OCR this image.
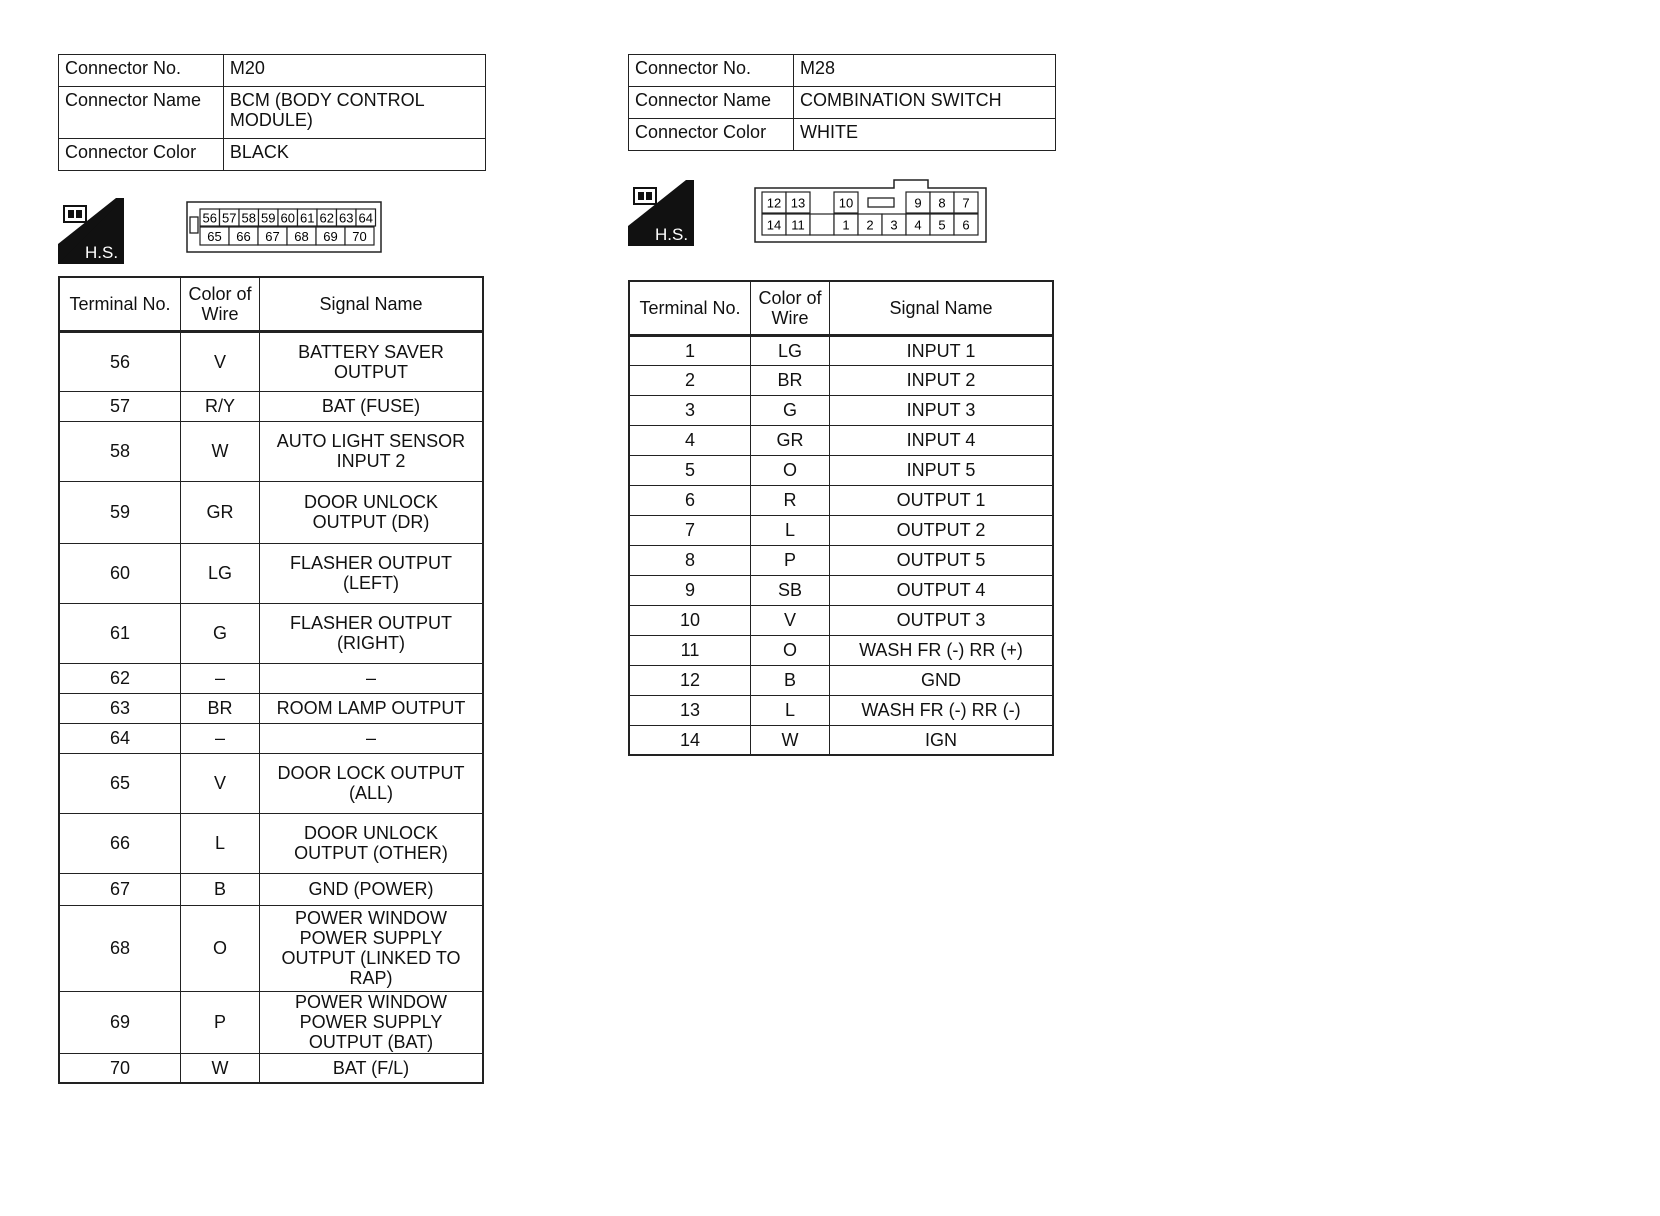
Connector No.	M20
Connector Name	BCM (BODY CONTROL MODULE)
Connector Color	BLACK
H.S.
56 57 58 59 60 61 62 63 64
65 66 67 68 69 70
Terminal No.	Color of Wire	Signal Name
56	V	BATTERY SAVER OUTPUT
57	R/Y	BAT (FUSE)
58	W	AUTO LIGHT SENSOR INPUT 2
59	GR	DOOR UNLOCK OUTPUT (DR)
60	LG	FLASHER OUTPUT (LEFT)
61	G	FLASHER OUTPUT (RIGHT)
62	–	–
63	BR	ROOM LAMP OUTPUT
64	–	–
65	V	DOOR LOCK OUTPUT (ALL)
66	L	DOOR UNLOCK OUTPUT (OTHER)
67	B	GND (POWER)
68	O	POWER WINDOW POWER SUPPLY OUTPUT (LINKED TO RAP)
69	P	POWER WINDOW POWER SUPPLY OUTPUT (BAT)
70	W	BAT (F/L)
Connector No.	M28
Connector Name	COMBINATION SWITCH
Connector Color	WHITE
H.S.
12 13	10	9 8 7
14 11	1 2 3 4 5 6
Terminal No.	Color of Wire	Signal Name
1	LG	INPUT 1
2	BR	INPUT 2
3	G	INPUT 3
4	GR	INPUT 4
5	O	INPUT 5
6	R	OUTPUT 1
7	L	OUTPUT 2
8	P	OUTPUT 5
9	SB	OUTPUT 4
10	V	OUTPUT 3
11	O	WASH FR (-) RR (+)
12	B	GND
13	L	WASH FR (-) RR (-)
14	W	IGN
